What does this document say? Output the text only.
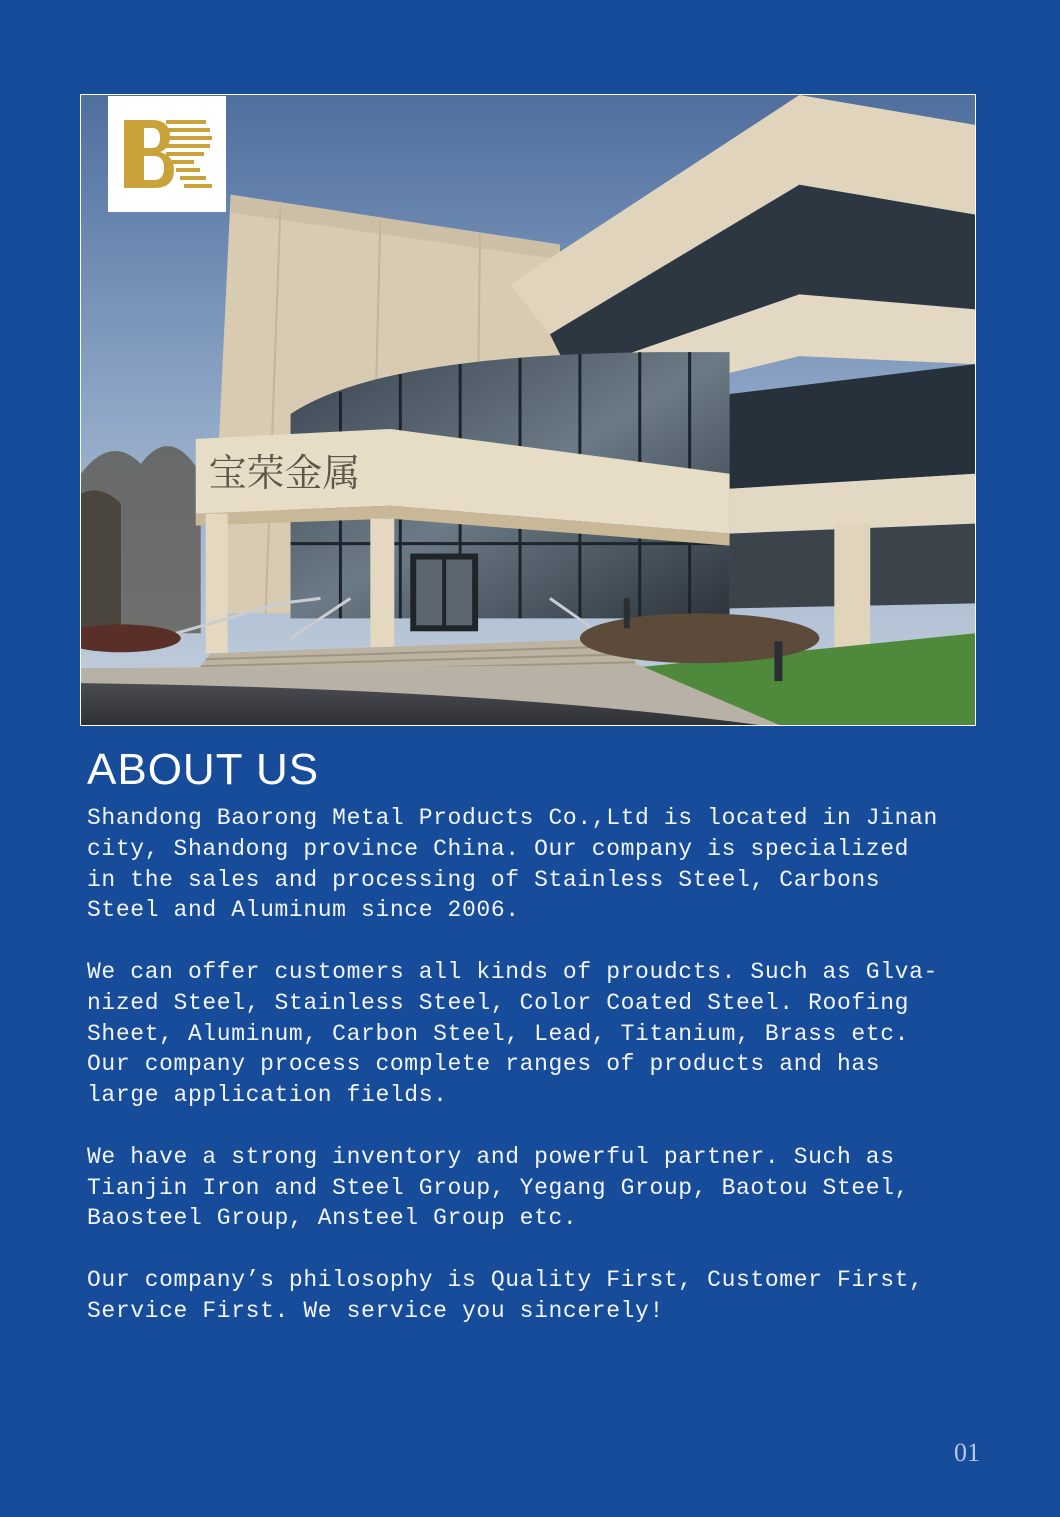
宝荣金属
ABOUT US

Shandong Baorong Metal Products Co.,Ltd is located in Jinan
city, Shandong province China. Our company is specialized
in the sales and processing of Stainless Steel, Carbons
Steel and Aluminum since 2006.

We can offer customers all kinds of proudcts. Such as Glva-
nized Steel, Stainless Steel, Color Coated Steel. Roofing
Sheet, Aluminum, Carbon Steel, Lead, Titanium, Brass etc.
Our company process complete ranges of products and has
large application fields.

We have a strong inventory and powerful partner. Such as
Tianjin Iron and Steel Group, Yegang Group, Baotou Steel,
Baosteel Group, Ansteel Group etc.

Our company’s philosophy is Quality First, Customer First,
Service First. We service you sincerely!

01
